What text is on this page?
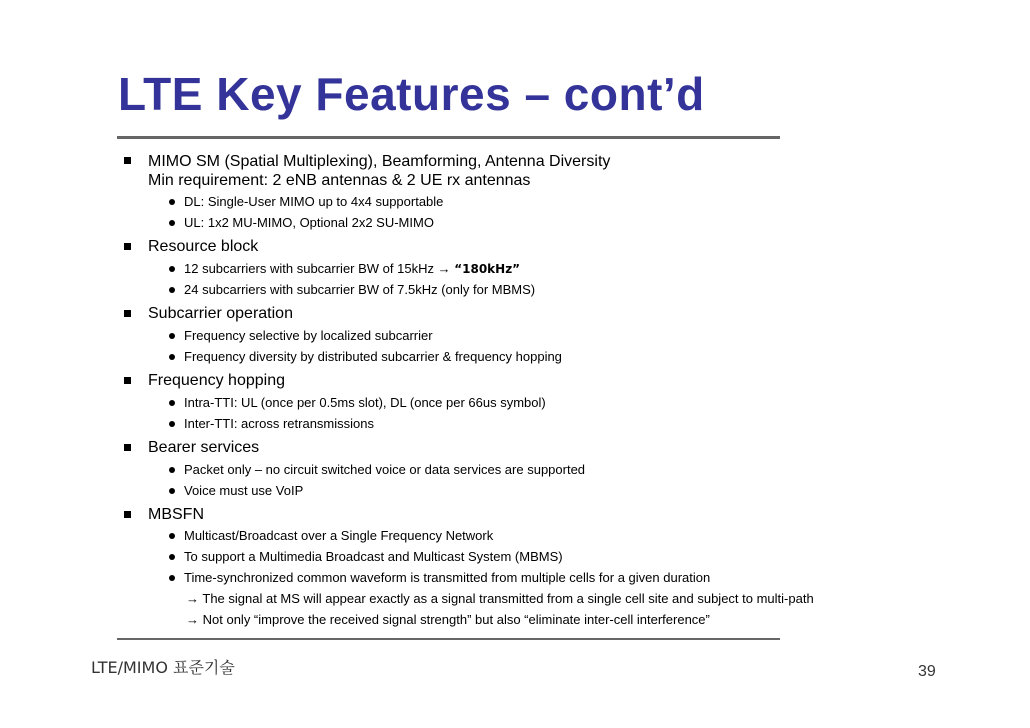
LTE Key Features – cont’d
MIMO SM (Spatial Multiplexing), Beamforming, Antenna Diversity
Min requirement: 2 eNB antennas & 2 UE rx antennas
DL: Single-User MIMO up to 4x4 supportable
UL: 1x2 MU-MIMO, Optional 2x2 SU-MIMO
Resource block
12 subcarriers with subcarrier BW of 15kHz → “180kHz”
24 subcarriers with subcarrier BW of 7.5kHz (only for MBMS)
Subcarrier operation
Frequency selective by localized subcarrier
Frequency diversity by distributed subcarrier & frequency hopping
Frequency hopping
Intra-TTI: UL (once per 0.5ms slot), DL (once per 66us symbol)
Inter-TTI: across retransmissions
Bearer services
Packet only – no circuit switched voice or data services are supported
Voice must use VoIP
MBSFN
Multicast/Broadcast over a Single Frequency Network
To support a Multimedia Broadcast and Multicast System (MBMS)
Time-synchronized common waveform is transmitted from multiple cells for a given duration
→ The signal at MS will appear exactly as a signal transmitted from a single cell site and subject to multi-path
→ Not only “improve the received signal strength” but also “eliminate inter-cell interference”
LTE/MIMO 표준기술	39
